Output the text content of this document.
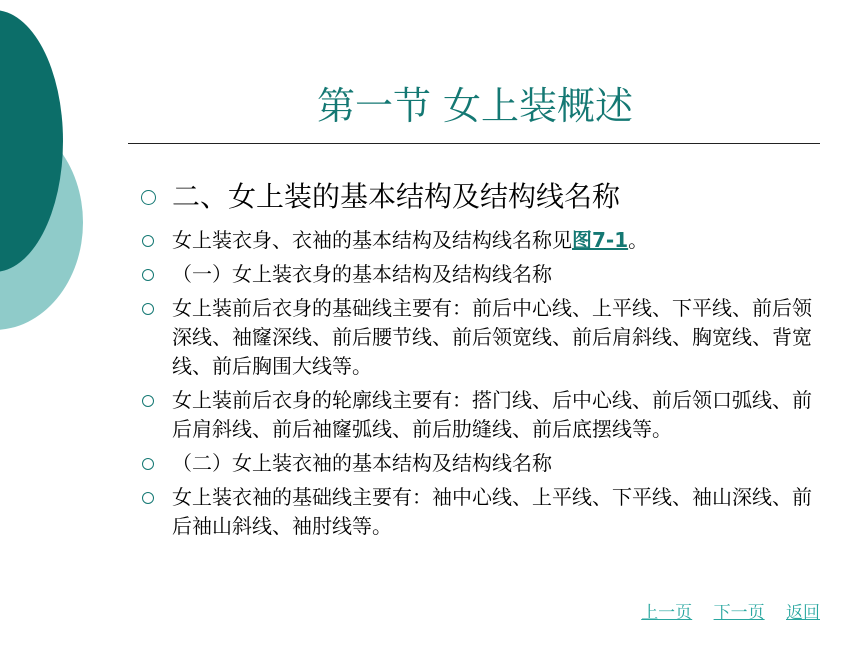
第一节 女上装概述
二、女上装的基本结构及结构线名称
女上装衣身、衣袖的基本结构及结构线名称见图7-1。
（一）女上装衣身的基本结构及结构线名称
女上装前后衣身的基础线主要有：前后中心线、上平线、下平线、前后领深线、袖窿深线、前后腰节线、前后领宽线、前后肩斜线、胸宽线、背宽线、前后胸围大线等。
女上装前后衣身的轮廓线主要有：搭门线、后中心线、前后领口弧线、前后肩斜线、前后袖窿弧线、前后肋缝线、前后底摆线等。
（二）女上装衣袖的基本结构及结构线名称
女上装衣袖的基础线主要有：袖中心线、上平线、下平线、袖山深线、前后袖山斜线、袖肘线等。
上一页 下一页 返回
